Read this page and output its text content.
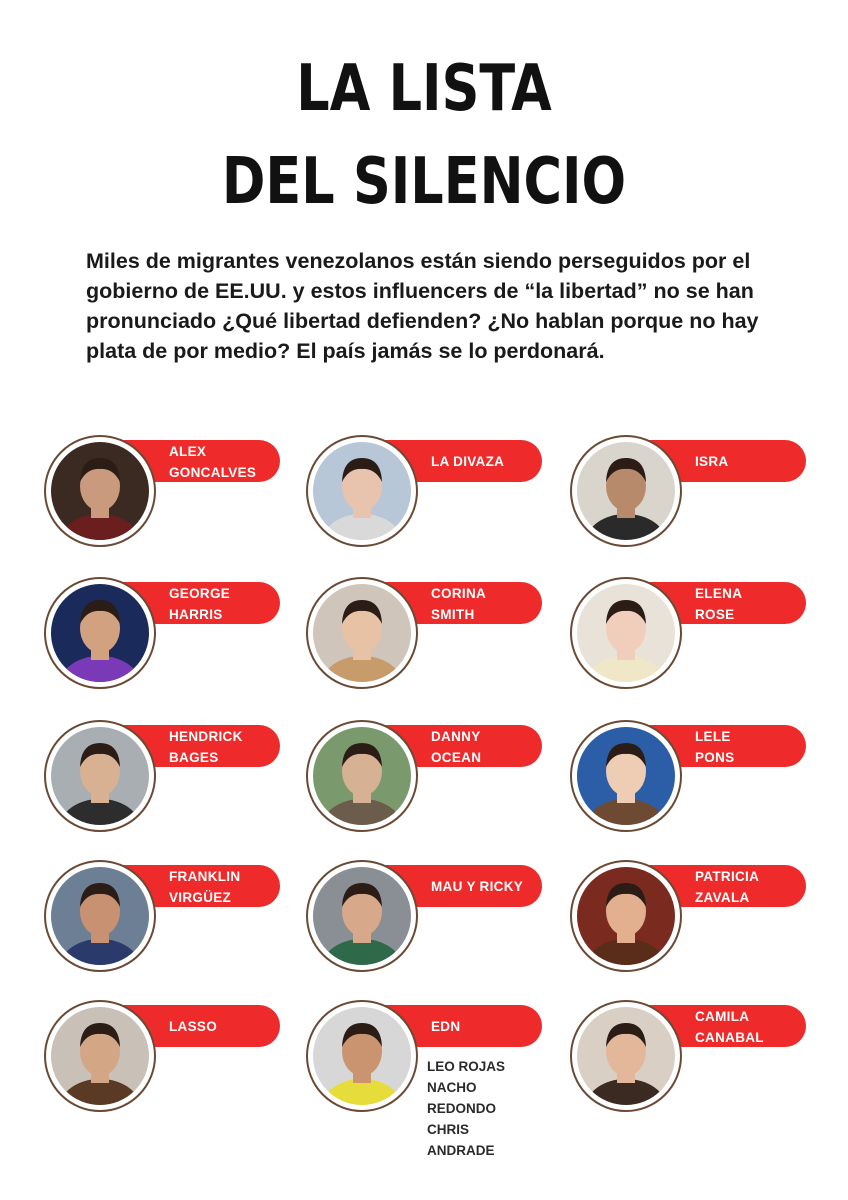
LA LISTA
DEL SILENCIO
Miles de migrantes venezolanos están siendo perseguidos por el gobierno de EE.UU. y estos influencers de “la libertad” no se han pronunciado ¿Qué libertad defienden? ¿No hablan porque no hay plata de por medio? El país jamás se lo perdonará.
ALEX
GONCALVES
LA DIVAZA	ISRA
GEORGE
HARRIS
CORINA
SMITH
ELENA
ROSE
HENDRICK
BAGES
DANNY
OCEAN
LELE
PONS
FRANKLIN
VIRGÜEZ
MAU Y RICKY
PATRICIA
ZAVALA
LASSO	EDN
CAMILA
CANABAL
LEO ROJAS
NACHO
REDONDO
CHRIS
ANDRADE
